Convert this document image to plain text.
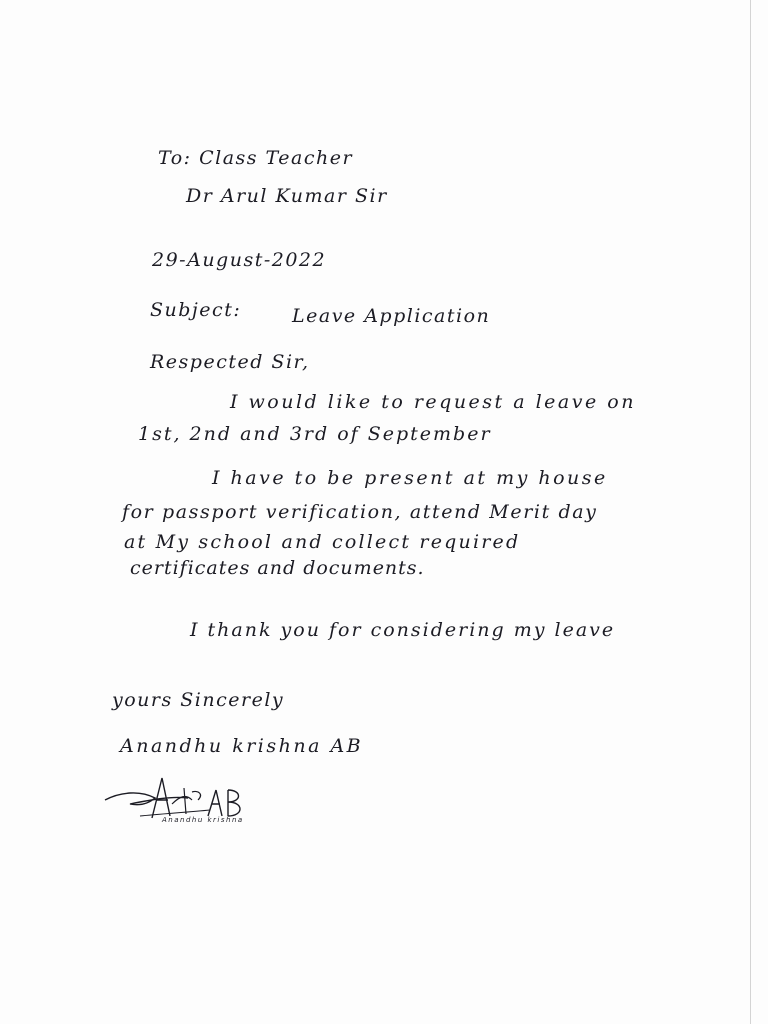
To: Class Teacher
Dr Arul Kumar Sir
29-August-2022
Subject:	Leave Application
Respected Sir,
I would like to request a leave on
1st, 2nd and 3rd of September
I have to be present at my house
for passport verification, attend Merit day
at My school and collect required
certificates and documents.
I thank you for considering my leave
yours Sincerely
Anandhu krishna AB
Anandhu krishna
